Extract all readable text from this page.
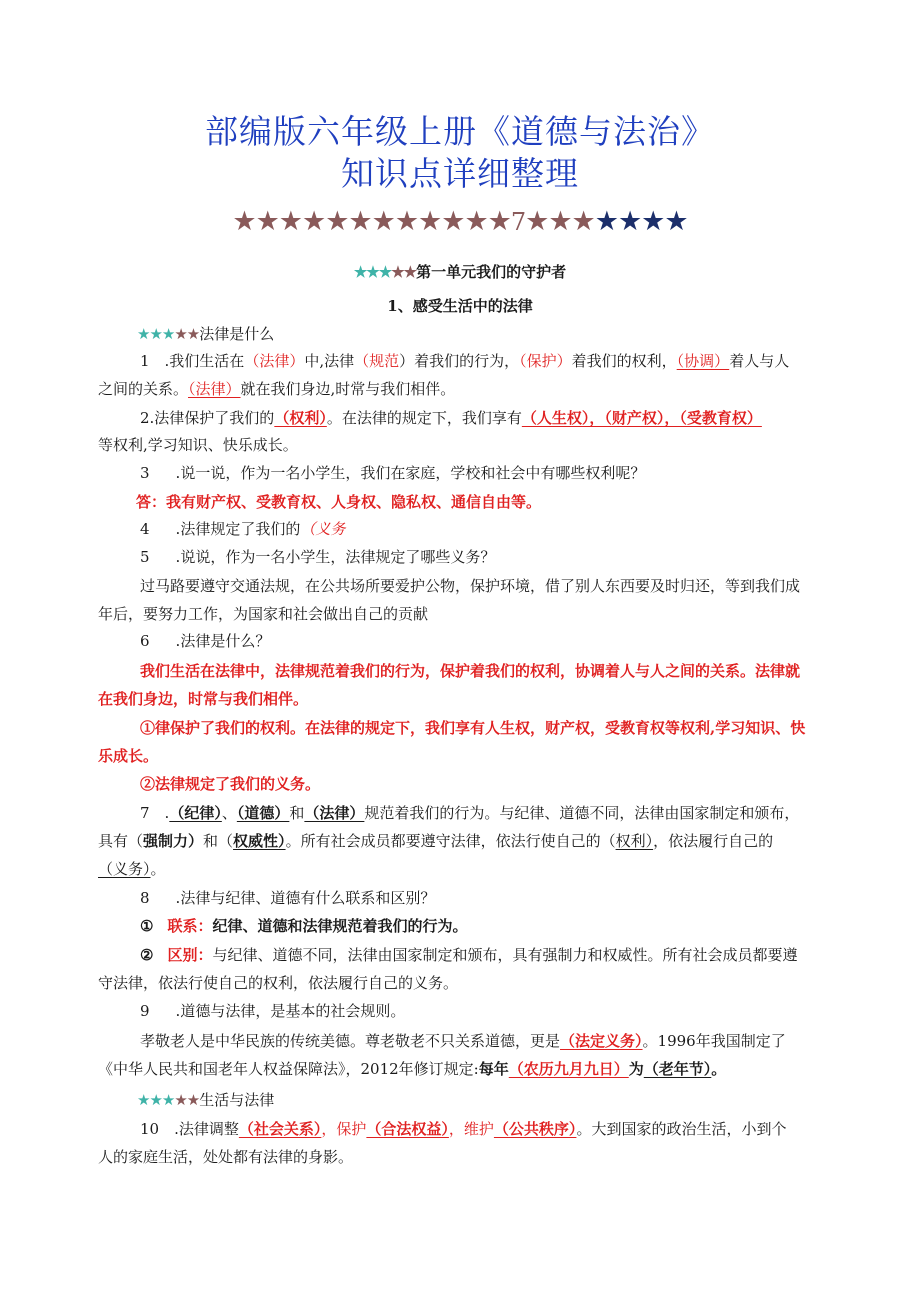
部编版六年级上册《道德与法治》
知识点详细整理
★★★★★★★★★★★★7★★★★★★★
★★★★★第一单元我们的守护者
1、感受生活中的法律
★★★★★法律是什么
1　.我们生活在（法律）中,法律（规范）着我们的行为，（保护）着我们的权利，（协调）着人与人
之间的关系。（法律）就在我们身边,时常与我们相伴。
2.法律保护了我们的（权利）。在法律的规定下，我们享有（人生权），（财产权），（受教育权）
等权利,学习知识、快乐成长。
3 .说一说，作为一名小学生，我们在家庭，学校和社会中有哪些权利呢？
答：我有财产权、受教育权、人身权、隐私权、通信自由等。
4 .法律规定了我们的（义务
5 .说说，作为一名小学生，法律规定了哪些义务？
过马路要遵守交通法规，在公共场所要爱护公物，保护环境，借了别人东西要及时归还，等到我们成
年后，要努力工作，为国家和社会做出自己的贡献
6 .法律是什么？
我们生活在法律中，法律规范着我们的行为，保护着我们的权利，协调着人与人之间的关系。法律就
在我们身边，时常与我们相伴。
①律保护了我们的权利。在法律的规定下，我们享有人生权，财产权，受教育权等权利,学习知识、快
乐成长。
②法律规定了我们的义务。
7　.（纪律）、（道德）和（法律）规范着我们的行为。与纪律、道德不同，法律由国家制定和颁布，
具有（强制力）和（权威性）。所有社会成员都要遵守法律，依法行使自己的（权利），依法履行自己的
（义务）。
8 .法律与纪律、道德有什么联系和区别？
① 联系：纪律、道德和法律规范着我们的行为。
② 区别：与纪律、道德不同，法律由国家制定和颁布，具有强制力和权威性。所有社会成员都要遵
守法律，依法行使自己的权利，依法履行自己的义务。
9 .道德与法律，是基本的社会规则。
孝敬老人是中华民族的传统美德。尊老敬老不只关系道德，更是（法定义务）。1996年我国制定了
《中华人民共和国老年人权益保障法》，2012年修订规定:每年（农历九月九日）为（老年节）。
★★★★★生活与法律
10　.法律调整（社会关系），保护（合法权益），维护（公共秩序）。大到国家的政治生活，小到个
人的家庭生活，处处都有法律的身影。
